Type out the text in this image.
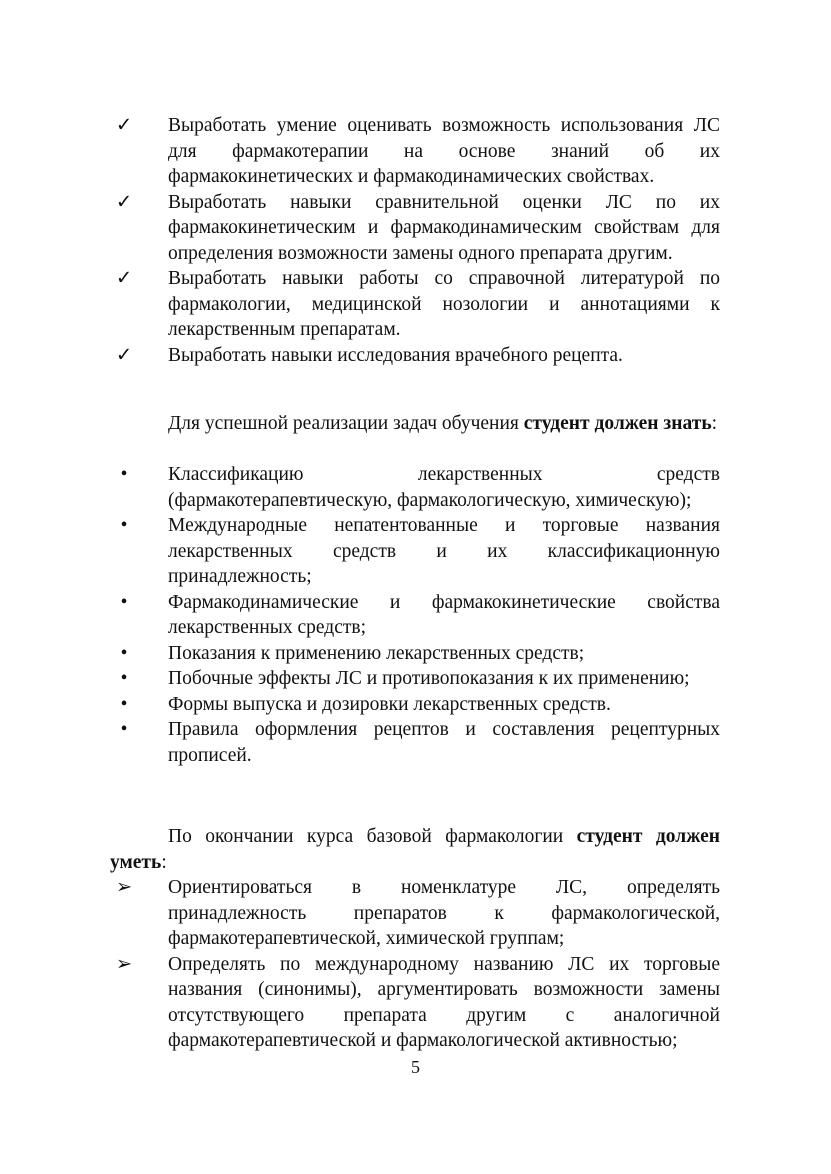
✓ Выработать умение оценивать возможность использования ЛС для фармакотерапии на основе знаний об их фармакокинетических и фармакодинамических свойствах.
✓ Выработать навыки сравнительной оценки ЛС по их фармакокинетическим и фармакодинамическим свойствам для определения возможности замены одного препарата другим.
✓ Выработать навыки работы со справочной литературой по фармакологии, медицинской нозологии и аннотациями к лекарственным препаратам.
✓ Выработать навыки исследования врачебного рецепта.

Для успешной реализации задач обучения студент должен знать:

•	Классификацию лекарственных средств (фармакотерапевтическую, фармакологическую, химическую);
•	Международные непатентованные и торговые названия лекарственных средств и их классификационную принадлежность;
•	Фармакодинамические и фармакокинетические свойства лекарственных средств;
•	Показания к применению лекарственных средств;
•	Побочные эффекты ЛС и противопоказания к их применению;
•	Формы выпуска и дозировки лекарственных средств.
•	Правила оформления рецептов и составления рецептурных прописей.

По окончании курса базовой фармакологии студент должен уметь:

➢ Ориентироваться в номенклатуре ЛС, определять принадлежность препаратов к фармакологической, фармакотерапевтической, химической группам;
➢ Определять по международному названию ЛС их торговые названия (синонимы), аргументировать возможности замены отсутствующего препарата другим с аналогичной фармакотерапевтической и фармакологической активностью;
5
